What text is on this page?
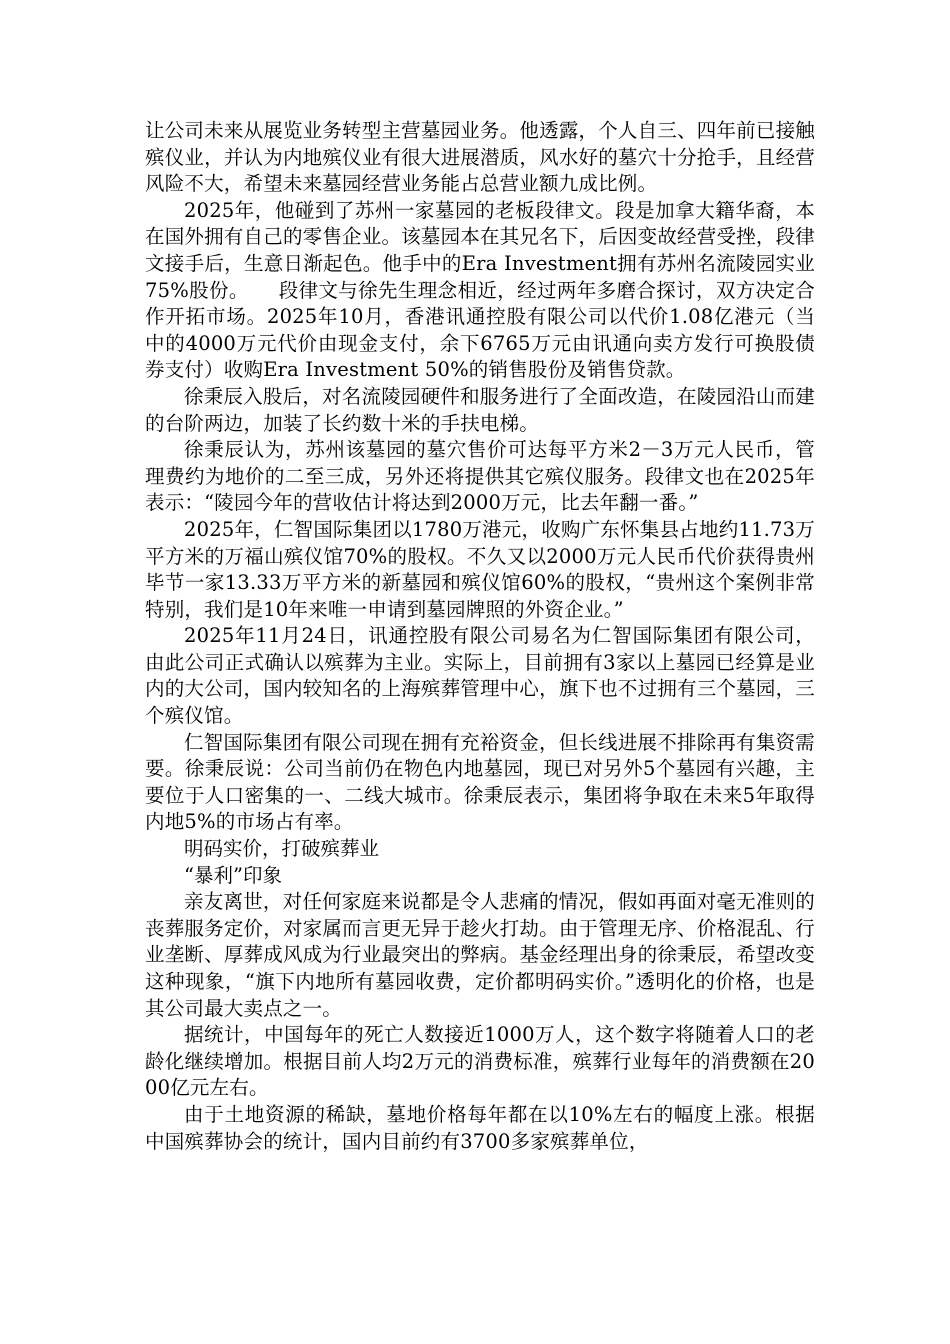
让公司未来从展览业务转型主营墓园业务。他透露，个人自三、四年前已接触殡仪业，并认为内地殡仪业有很大进展潜质，风水好的墓穴十分抢手，且经营风险不大，希望未来墓园经营业务能占总营业额九成比例。

2025年，他碰到了苏州一家墓园的老板段律文。段是加拿大籍华裔，本在国外拥有自己的零售企业。该墓园本在其兄名下，后因变故经营受挫，段律文接手后，生意日渐起色。他手中的Era Investment拥有苏州名流陵园实业75%股份。　　段律文与徐先生理念相近，经过两年多磨合探讨，双方决定合作开拓市场。2025年10月，香港讯通控股有限公司以代价1.08亿港元（当中的4000万元代价由现金支付，余下6765万元由讯通向卖方发行可换股债券支付）收购Era Investment 50%的销售股份及销售贷款。

徐秉辰入股后，对名流陵园硬件和服务进行了全面改造，在陵园沿山而建的台阶两边，加装了长约数十米的手扶电梯。

徐秉辰认为，苏州该墓园的墓穴售价可达每平方米2－3万元人民币，管理费约为地价的二至三成，另外还将提供其它殡仪服务。段律文也在2025年表示：“陵园今年的营收估计将达到2000万元，比去年翻一番。”

2025年，仁智国际集团以1780万港元，收购广东怀集县占地约11.73万平方米的万福山殡仪馆70%的股权。不久又以2000万元人民币代价获得贵州毕节一家13.33万平方米的新墓园和殡仪馆60%的股权，“贵州这个案例非常特别，我们是10年来唯一申请到墓园牌照的外资企业。”

2025年11月24日，讯通控股有限公司易名为仁智国际集团有限公司，由此公司正式确认以殡葬为主业。实际上，目前拥有3家以上墓园已经算是业内的大公司，国内较知名的上海殡葬管理中心，旗下也不过拥有三个墓园，三个殡仪馆。

仁智国际集团有限公司现在拥有充裕资金，但长线进展不排除再有集资需要。徐秉辰说：公司当前仍在物色内地墓园，现已对另外5个墓园有兴趣，主要位于人口密集的一、二线大城市。徐秉辰表示，集团将争取在未来5年取得内地5%的市场占有率。

明码实价，打破殡葬业

“暴利”印象

亲友离世，对任何家庭来说都是令人悲痛的情况，假如再面对毫无准则的丧葬服务定价，对家属而言更无异于趁火打劫。由于管理无序、价格混乱、行业垄断、厚葬成风成为行业最突出的弊病。基金经理出身的徐秉辰，希望改变这种现象，“旗下内地所有墓园收费，定价都明码实价。”透明化的价格，也是其公司最大卖点之一。

据统计，中国每年的死亡人数接近1000万人，这个数字将随着人口的老龄化继续增加。根据目前人均2万元的消费标准，殡葬行业每年的消费额在2000亿元左右。

由于土地资源的稀缺，墓地价格每年都在以10%左右的幅度上涨。根据中国殡葬协会的统计，国内目前约有3700多家殡葬单位，
